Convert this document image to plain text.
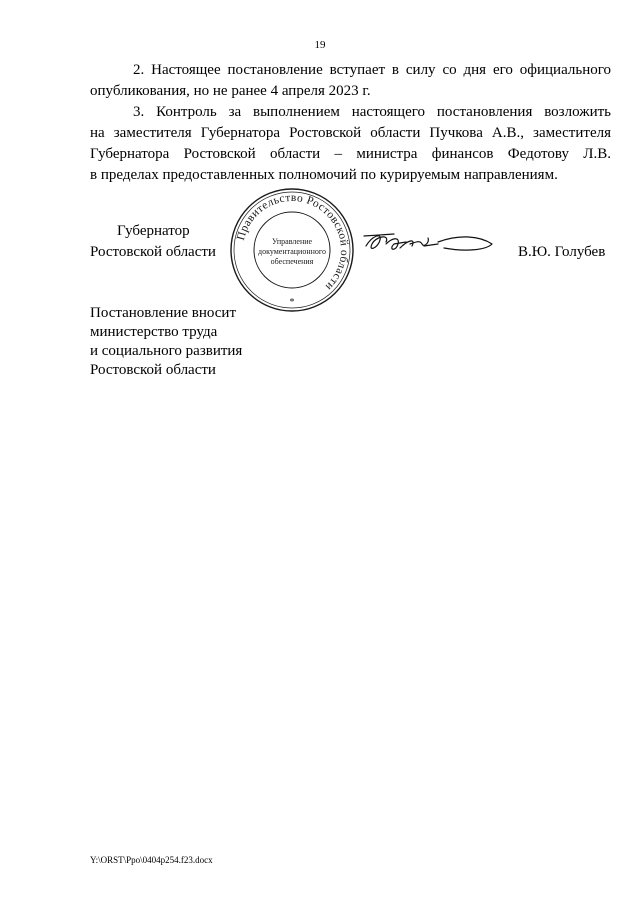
19
2. Настоящее постановление вступает в силу со дня его официального
опубликования, но не ранее 4 апреля 2023 г.
3. Контроль за выполнением настоящего постановления возложить
на заместителя Губернатора Ростовской области Пучкова А.В., заместителя
Губернатора Ростовской области – министра финансов Федотову Л.В.
в пределах предоставленных полномочий по курируемым направлениям.
Губернатор
Ростовской области
Правительство Ростовской области
Управление
документационного
обеспечения
*
В.Ю. Голубев
Постановление вносит
министерство труда
и социального развития
Ростовской области
Y:\ORST\Ppo\0404p254.f23.docx
